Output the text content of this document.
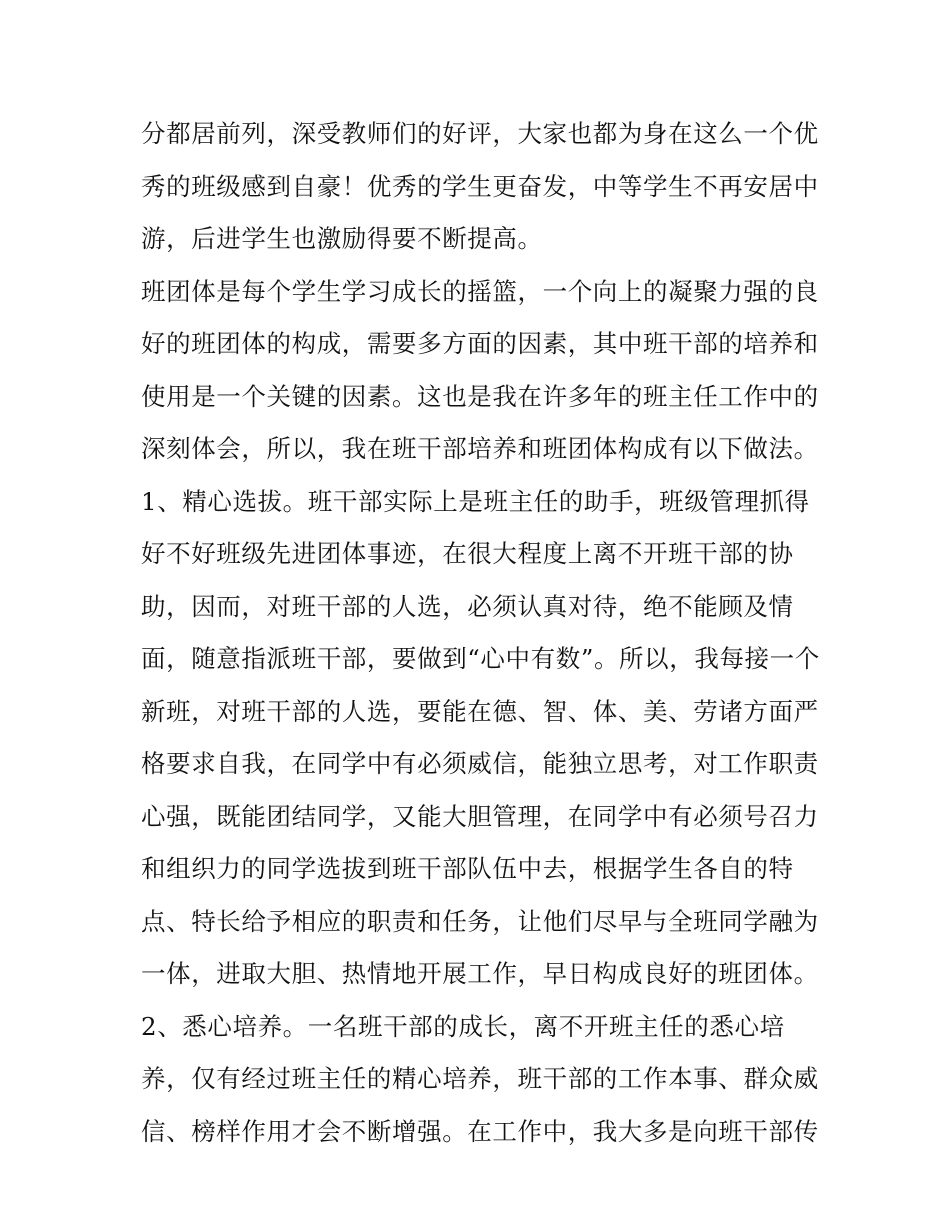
分都居前列，深受教师们的好评，大家也都为身在这么一个优
秀的班级感到自豪！优秀的学生更奋发，中等学生不再安居中
游，后进学生也激励得要不断提高。
班团体是每个学生学习成长的摇篮，一个向上的凝聚力强的良
好的班团体的构成，需要多方面的因素，其中班干部的培养和
使用是一个关键的因素。这也是我在许多年的班主任工作中的
深刻体会，所以，我在班干部培养和班团体构成有以下做法。
1、精心选拔。班干部实际上是班主任的助手，班级管理抓得
好不好班级先进团体事迹，在很大程度上离不开班干部的协
助，因而，对班干部的人选，必须认真对待，绝不能顾及情
面，随意指派班干部，要做到“心中有数”。所以，我每接一个
新班，对班干部的人选，要能在德、智、体、美、劳诸方面严
格要求自我，在同学中有必须威信，能独立思考，对工作职责
心强，既能团结同学，又能大胆管理，在同学中有必须号召力
和组织力的同学选拔到班干部队伍中去，根据学生各自的特
点、特长给予相应的职责和任务，让他们尽早与全班同学融为
一体，进取大胆、热情地开展工作，早日构成良好的班团体。
2、悉心培养。一名班干部的成长，离不开班主任的悉心培
养，仅有经过班主任的精心培养，班干部的工作本事、群众威
信、榜样作用才会不断增强。在工作中，我大多是向班干部传
